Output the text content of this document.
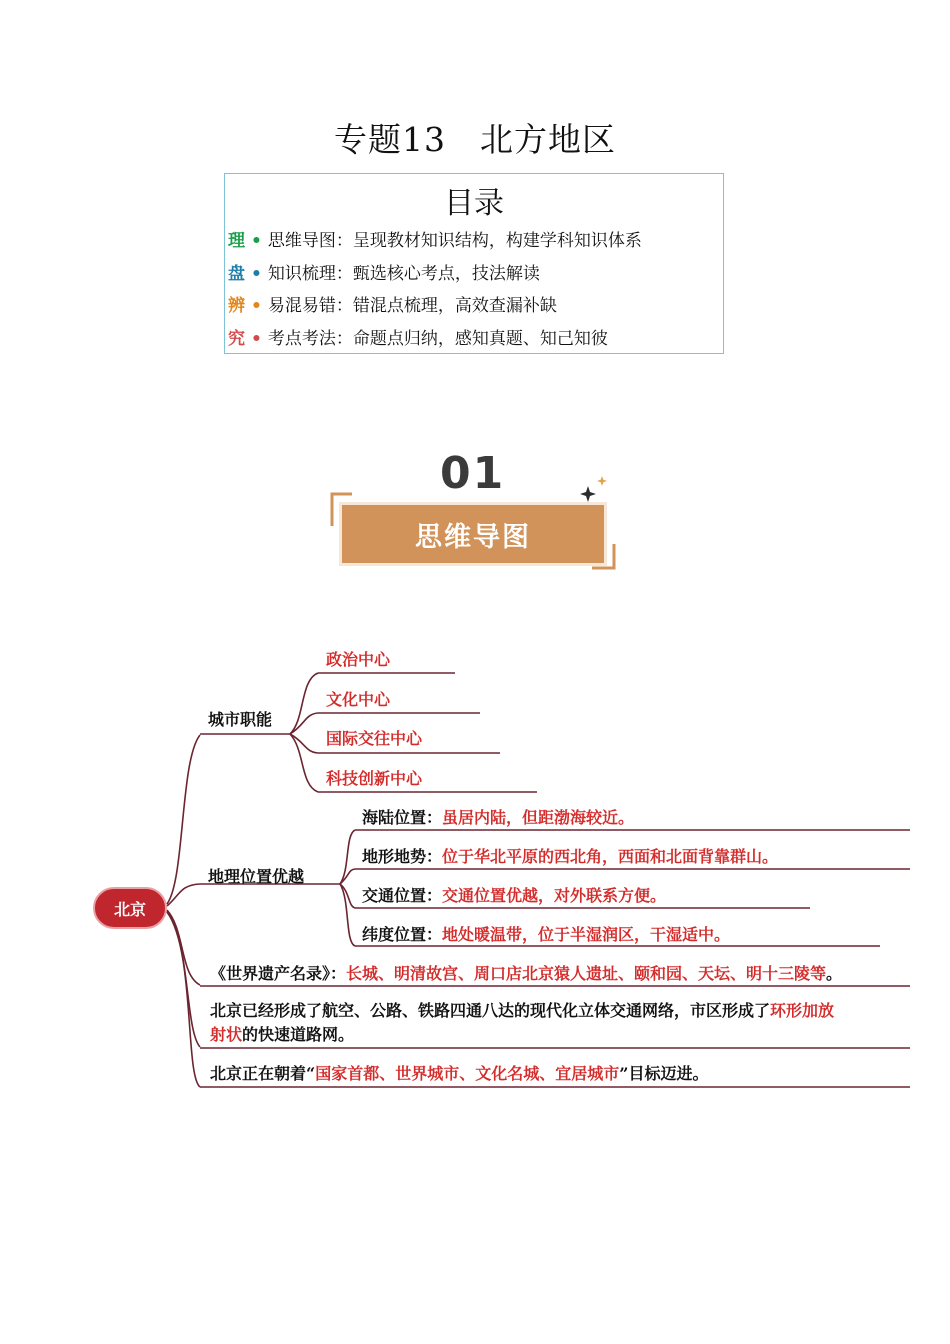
专题13　北方地区
目录
理 • 思维导图：呈现教材知识结构，构建学科知识体系
盘 • 知识梳理：甄选核心考点，技法解读
辨 • 易混易错：错混点梳理，高效查漏补缺
究 • 考点考法：命题点归纳，感知真题、知己知彼
01
思维导图
北京
城市职能
政治中心
文化中心
国际交往中心
科技创新中心
地理位置优越
海陆位置：虽居内陆，但距渤海较近。
地形地势：位于华北平原的西北角，西面和北面背靠群山。
交通位置：交通位置优越，对外联系方便。
纬度位置：地处暖温带，位于半湿润区，干湿适中。
《世界遗产名录》：长城、明清故宫、周口店北京猿人遗址、颐和园、天坛、明十三陵等。
北京已经形成了航空、公路、铁路四通八达的现代化立体交通网络，市区形成了环形加放
射状的快速道路网。
北京正在朝着“国家首都、世界城市、文化名城、宜居城市”目标迈进。
